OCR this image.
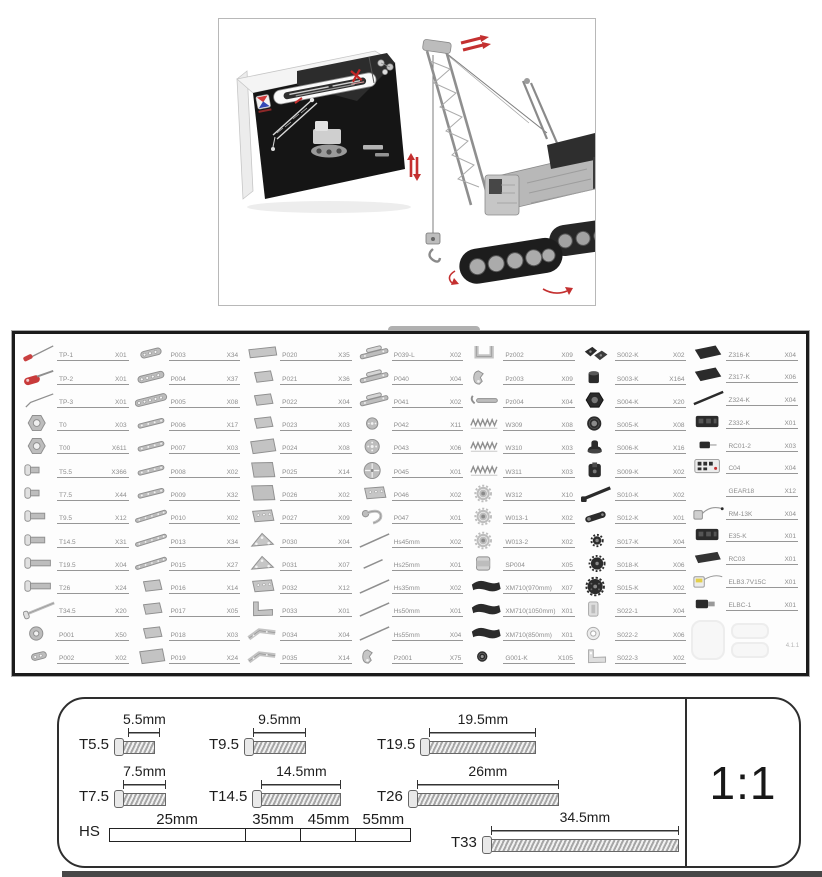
TP-1	X01
TP-2	X01
TP-3	X01
T0	X03
T00	X611
T5.5	X366
T7.5	X44
T9.5	X12
T14.5	X31
T19.5	X04
T26	X24
T34.5	X20
P001	X50
P002	X02
P003	X34
P004	X37
P005	X08
P006	X17
P007	X03
P008	X02
P009	X32
P010	X02
P013	X34
P015	X27
P016	X14
P017	X05
P018	X03
P019	X24
P020	X35
P021	X36
P022	X04
P023	X03
P024	X08
P025	X14
P026	X02
P027	X09
P030	X04
P031	X07
P032	X12
P033	X01
P034	X04
P035	X14
P039-L	X02
P040	X04
P041	X02
P042	X11
P043	X06
P045	X01
P046	X02
P047	X01
Hs45mm	X02
Hs25mm	X01
Hs35mm	X02
Hs50mm	X01
Hs55mm	X04
Pz001	X75
Pz002	X09
Pz003	X09
Pz004	X04
W309	X08
W310	X03
W311	X03
W312	X10
W013-1	X02
W013-2	X02
SP004	X05
XM710(970mm) X07
XM710(1050mm) X01
XM710(850mm) X01
G001-K	X105
S002-K	X02
S003-K	X164
S004-K	X20
S005-K	X08
S006-K	X16
S009-K	X02
S010-K	X02
S012-K	X01
S017-K	X04
S018-K	X06
S015-K	X02
S022-1	X04
S022-2	X06
S022-3	X02
Z316-K	X04
Z317-K	X06
Z324-K	X04
Z332-K	X01
RC01-2	X03
C04	X04
GEAR18	X12
RM-13K	X04
E35-K	X01
RC03	X01
ELB3.7V15C	X01
ELBC-1	X01
4.1.1
T5.5
5.5mm
T9.5
9.5mm
T19.5
19.5mm
T7.5
7.5mm
T14.5
14.5mm
T26
26mm
T33
34.5mm
HS
25mm	35mm 45mm 55mm
1:1
